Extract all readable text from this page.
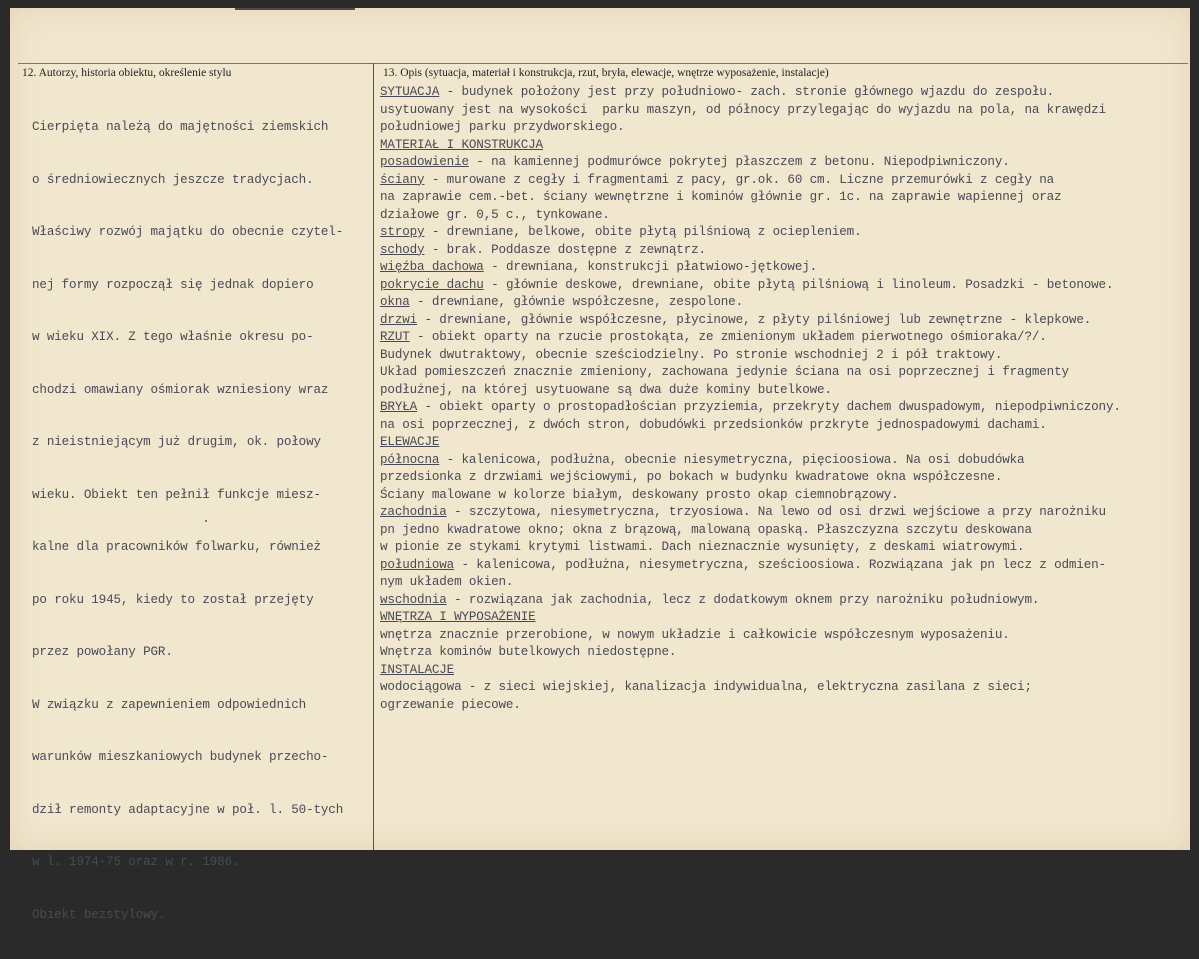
12. Autorzy, historia obiektu, określenie stylu	13. Opis (sytuacja, materiał i konstrukcja, rzut, bryła, elewacje, wnętrze wyposażenie, instalacje)

Cierpięta należą do majętności ziemskich

o średniowiecznych jeszcze tradycjach.

Właściwy rozwój majątku do obecnie czytel-

nej formy rozpoczął się jednak dopiero

w wieku XIX. Z tego właśnie okresu po-

chodzi omawiany ośmiorak wzniesiony wraz

z nieistniejącym już drugim, ok. połowy

wieku. Obiekt ten pełnił funkcje miesz-

kalne dla pracowników folwarku, również

po roku 1945, kiedy to został przejęty

przez powołany PGR.

W związku z zapewnieniem odpowiednich

warunków mieszkaniowych budynek przecho-

dził remonty adaptacyjne w poł. l. 50-tych

w l. 1974-75 oraz w r. 1986.

Obiekt bezstylowy.

SYTUACJA - budynek położony jest przy południowo- zach. stronie głównego wjazdu do zespołu.
usytuowany jest na wysokości  parku maszyn, od północy przylegając do wyjazdu na pola, na krawędzi
południowej parku przydworskiego.
MATERIAŁ I KONSTRUKCJA
posadowienie - na kamiennej podmurówce pokrytej płaszczem z betonu. Niepodpiwniczony.
ściany - murowane z cegły i fragmentami z pacy, gr.ok. 60 cm. Liczne przemurówki z cegły na
na zaprawie cem.-bet. ściany wewnętrzne i kominów głównie gr. 1c. na zaprawie wapiennej oraz
działowe gr. 0,5 c., tynkowane.
stropy - drewniane, belkowe, obite płytą pilśniową z ociepleniem.
schody - brak. Poddasze dostępne z zewnątrz.
więźba dachowa - drewniana, konstrukcji płatwiowo-jętkowej.
pokrycie dachu - głównie deskowe, drewniane, obite płytą pilśniową i linoleum. Posadzki - betonowe.
okna - drewniane, głównie współczesne, zespolone.
drzwi - drewniane, głównie współczesne, płycinowe, z płyty pilśniowej lub zewnętrzne - klepkowe.
RZUT - obiekt oparty na rzucie prostokąta, ze zmienionym układem pierwotnego ośmioraka/?/.
Budynek dwutraktowy, obecnie sześciodzielny. Po stronie wschodniej 2 i pół traktowy.
Układ pomieszczeń znacznie zmieniony, zachowana jedynie ściana na osi poprzecznej i fragmenty
podłużnej, na której usytuowane są dwa duże kominy butelkowe.
BRYŁA - obiekt oparty o prostopadłościan przyziemia, przekryty dachem dwuspadowym, niepodpiwniczony.
na osi poprzecznej, z dwóch stron, dobudówki przedsionków przkryte jednospadowymi dachami.
ELEWACJE
północna - kalenicowa, podłużna, obecnie niesymetryczna, pięcioosiowa. Na osi dobudówka
przedsionka z drzwiami wejściowymi, po bokach w budynku kwadratowe okna współczesne.
Ściany malowane w kolorze białym, deskowany prosto okap ciemnobrązowy.
zachodnia - szczytowa, niesymetryczna, trzyosiowa. Na lewo od osi drzwi wejściowe a przy narożniku
pn jedno kwadratowe okno; okna z brązową, malowaną opaską. Płaszczyzna szczytu deskowana
w pionie ze stykami krytymi listwami. Dach nieznacznie wysunięty, z deskami wiatrowymi.
południowa - kalenicowa, podłużna, niesymetryczna, sześcioosiowa. Rozwiązana jak pn lecz z odmien-
nym układem okien.
wschodnia - rozwiązana jak zachodnia, lecz z dodatkowym oknem przy narożniku południowym.
WNĘTRZA I WYPOSAŻENIE
wnętrza znacznie przerobione, w nowym układzie i całkowicie współczesnym wyposażeniu.
Wnętrza kominów butelkowych niedostępne.
INSTALACJE
wodociągowa - z sieci wiejskiej, kanalizacja indywidualna, elektryczna zasilana z sieci;
ogrzewanie piecowe.
